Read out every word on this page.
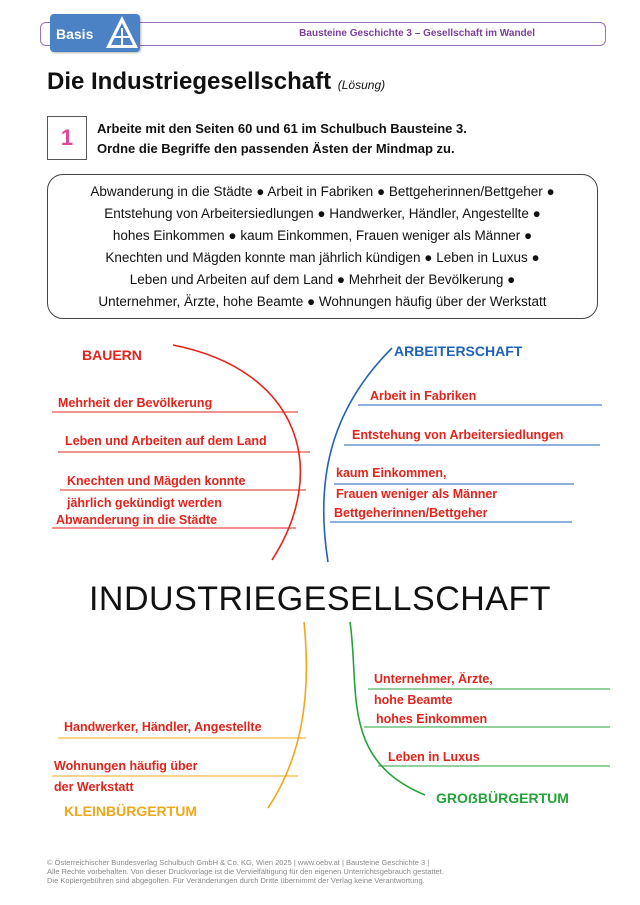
Basis	Bausteine Geschichte 3 – Gesellschaft im Wandel
Die Industriegesellschaft (Lösung)
1	Arbeite mit den Seiten 60 und 61 im Schulbuch Bausteine 3.
Ordne die Begriffe den passenden Ästen der Mindmap zu.
Abwanderung in die Städte ● Arbeit in Fabriken ● Bettgeherinnen/Bettgeher ●
Entstehung von Arbeitersiedlungen ● Handwerker, Händler, Angestellte ●
hohes Einkommen ● kaum Einkommen, Frauen weniger als Männer ●
Knechten und Mägden konnte man jährlich kündigen ● Leben in Luxus ●
Leben und Arbeiten auf dem Land ● Mehrheit der Bevölkerung ●
Unternehmer, Ärzte, hohe Beamte ● Wohnungen häufig über der Werkstatt
BAUERN
Mehrheit der Bevölkerung
Leben und Arbeiten auf dem Land
Knechten und Mägden konnte
jährlich gekündigt werden
Abwanderung in die Städte
ARBEITERSCHAFT
Arbeit in Fabriken
Entstehung von Arbeitersiedlungen
kaum Einkommen,
Frauen weniger als Männer
Bettgeherinnen/Bettgeher
INDUSTRIEGESELLSCHAFT
Handwerker, Händler, Angestellte
Wohnungen häufig über
der Werkstatt
KLEINBÜRGERTUM
Unternehmer, Ärzte,
hohe Beamte
hohes Einkommen
Leben in Luxus
GROẞBÜRGERTUM
© Österreichischer Bundesverlag Schulbuch GmbH & Co. KG, Wien 2025 | www.oebv.at | Bausteine Geschichte 3 |
Alle Rechte vorbehalten. Von dieser Druckvorlage ist die Vervielfältigung für den eigenen Unterrichtsgebrauch gestattet.
Die Kopiergebühren sind abgegolten. Für Veränderungen durch Dritte übernimmt der Verlag keine Verantwortung.
